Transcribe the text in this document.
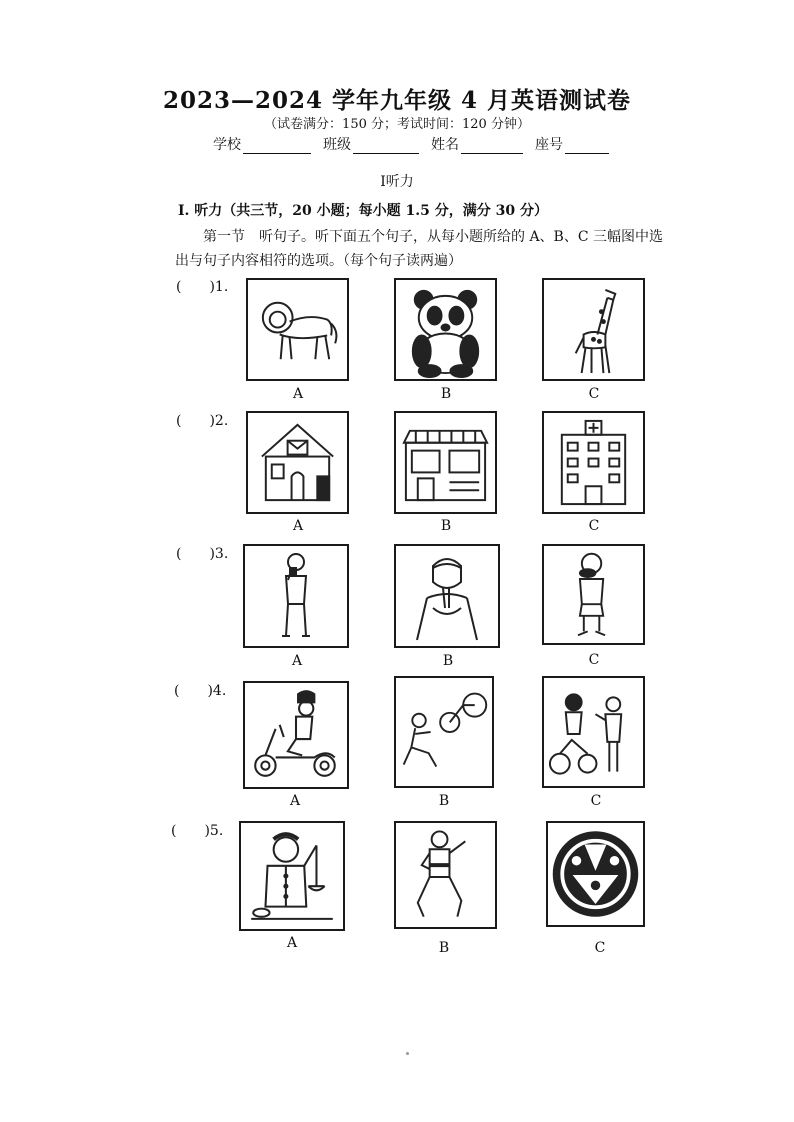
2023—2024 学年九年级 4 月英语测试卷
（试卷满分：150 分；考试时间：120 分钟）
学校	班级	姓名	座号
Ⅰ听力
Ⅰ. 听力（共三节，20 小题；每小题 1.5 分，满分 30 分）
第一节　听句子。听下面五个句子，从每小题所给的 A、B、C 三幅图中选出与句子内容相符的选项。（每个句子读两遍）
(　　)1.
A	B	C
(　　)2.
A	B	C
(　　)3.
A	B	C
(　　)4.
A	B	C
(　　)5.
A	B	C
